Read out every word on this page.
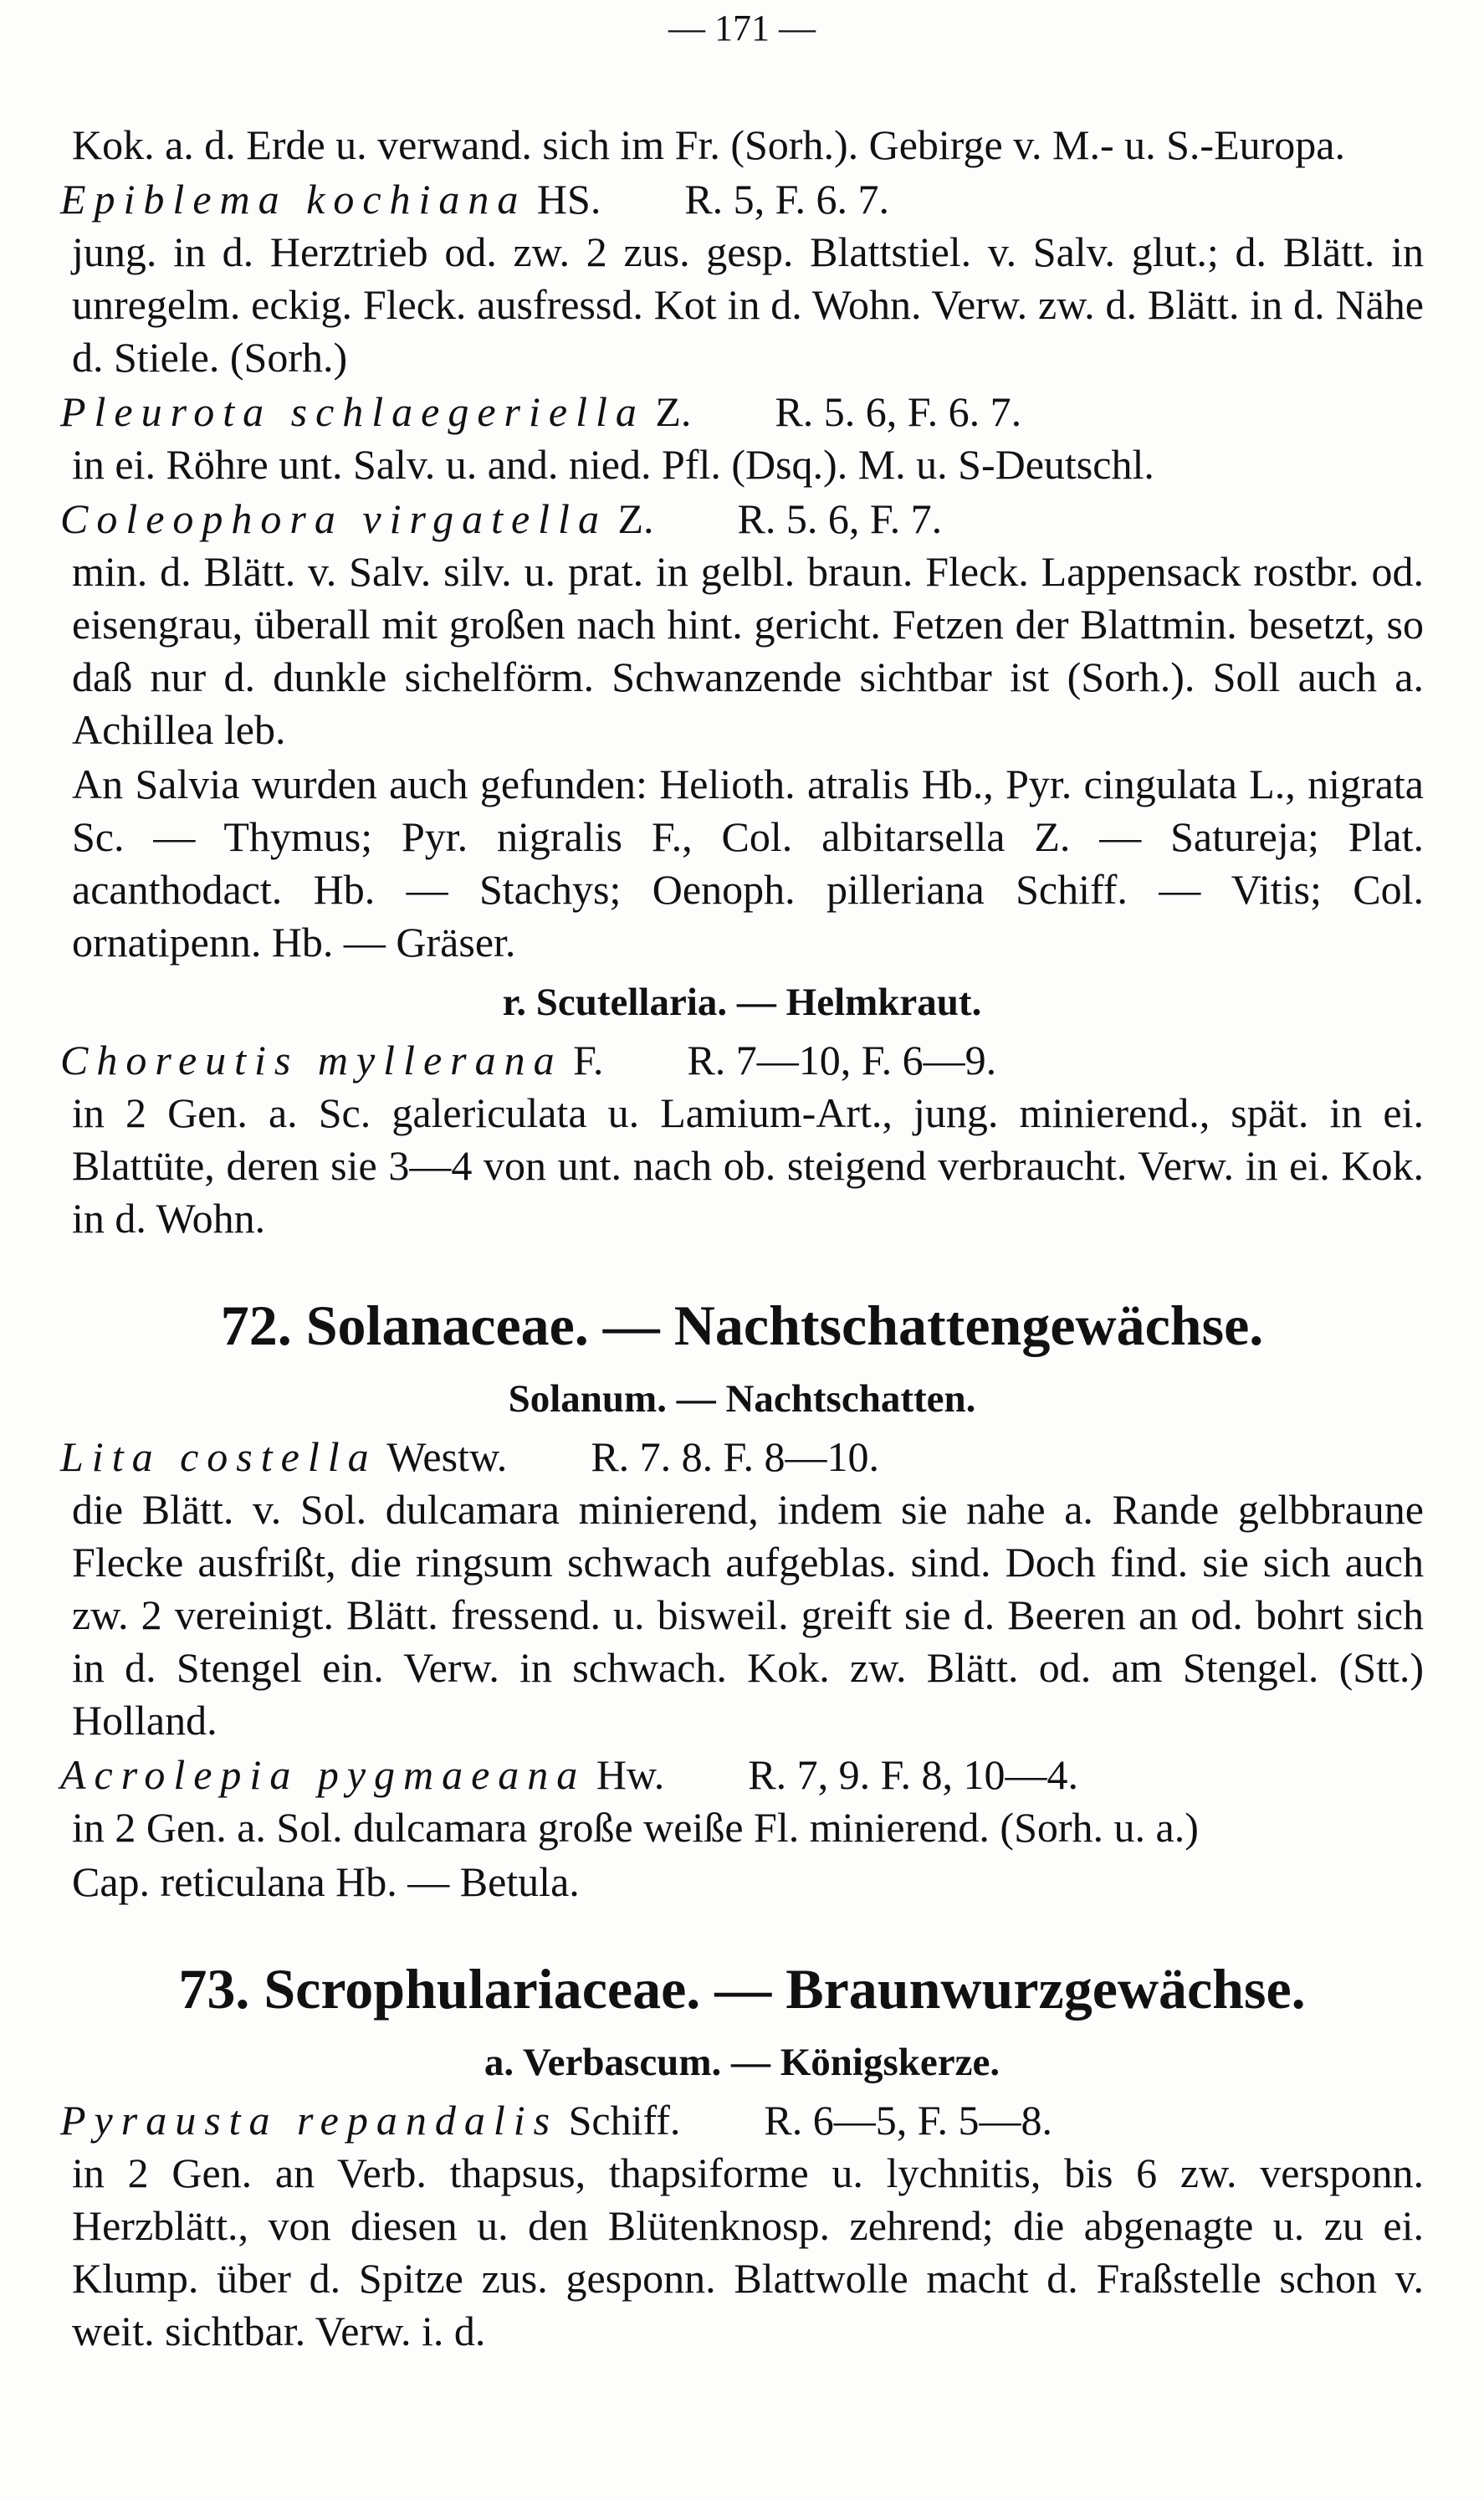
— 171 —
Kok. a. d. Erde u. verwand. sich im Fr. (Sorh.). Gebirge v. M.- u. S.-Europa.
Epiblema kochiana HS.   R. 5, F. 6. 7.
jung. in d. Herztrieb od. zw. 2 zus. gesp. Blattstiel. v. Salv. glut.; d. Blätt. in unregelm. eckig. Fleck. ausfressd. Kot in d. Wohn. Verw. zw. d. Blätt. in d. Nähe d. Stiele. (Sorh.)
Pleurota schlaegeriella Z.   R. 5. 6, F. 6. 7.
in ei. Röhre unt. Salv. u. and. nied. Pfl. (Dsq.). M. u. S-Deutschl.
Coleophora virgatella Z.   R. 5. 6, F. 7.
min. d. Blätt. v. Salv. silv. u. prat. in gelbl. braun. Fleck. Lappensack rostbr. od. eisengrau, überall mit großen nach hint. gericht. Fetzen der Blattmin. besetzt, so daß nur d. dunkle sichelförm. Schwanzende sichtbar ist (Sorh.). Soll auch a. Achillea leb.
An Salvia wurden auch gefunden: Helioth. atralis Hb., Pyr. cingulata L., nigrata Sc. — Thymus; Pyr. nigralis F., Col. albitarsella Z. — Satureja; Plat. acanthodact. Hb. — Stachys; Oenoph. pilleriana Schiff. — Vitis; Col. ornatipenn. Hb. — Gräser.
r. Scutellaria. — Helmkraut.
Choreutis myllerana F.   R. 7—10, F. 6—9.
in 2 Gen. a. Sc. galericulata u. Lamium-Art., jung. minierend., spät. in ei. Blattüte, deren sie 3—4 von unt. nach ob. steigend verbraucht. Verw. in ei. Kok. in d. Wohn.
72. Solanaceae. — Nachtschattengewächse.
Solanum. — Nachtschatten.
Lita costella Westw.   R. 7. 8. F. 8—10.
die Blätt. v. Sol. dulcamara minierend, indem sie nahe a. Rande gelbbraune Flecke ausfrißt, die ringsum schwach aufgeblas. sind. Doch find. sie sich auch zw. 2 vereinigt. Blätt. fressend. u. bisweil. greift sie d. Beeren an od. bohrt sich in d. Stengel ein. Verw. in schwach. Kok. zw. Blätt. od. am Stengel. (Stt.) Holland.
Acrolepia pygmaeana Hw.   R. 7, 9. F. 8, 10—4.
in 2 Gen. a. Sol. dulcamara große weiße Fl. minierend. (Sorh. u. a.)
Cap. reticulana Hb. — Betula.
73. Scrophulariaceae. — Braunwurzgewächse.
a. Verbascum. — Königskerze.
Pyrausta repandalis Schiff.   R. 6—5, F. 5—8.
in 2 Gen. an Verb. thapsus, thapsiforme u. lychnitis, bis 6 zw. versponn. Herzblätt., von diesen u. den Blütenknosp. zehrend; die abgenagte u. zu ei. Klump. über d. Spitze zus. gesponn. Blattwolle macht d. Fraßstelle schon v. weit. sichtbar. Verw. i. d.
